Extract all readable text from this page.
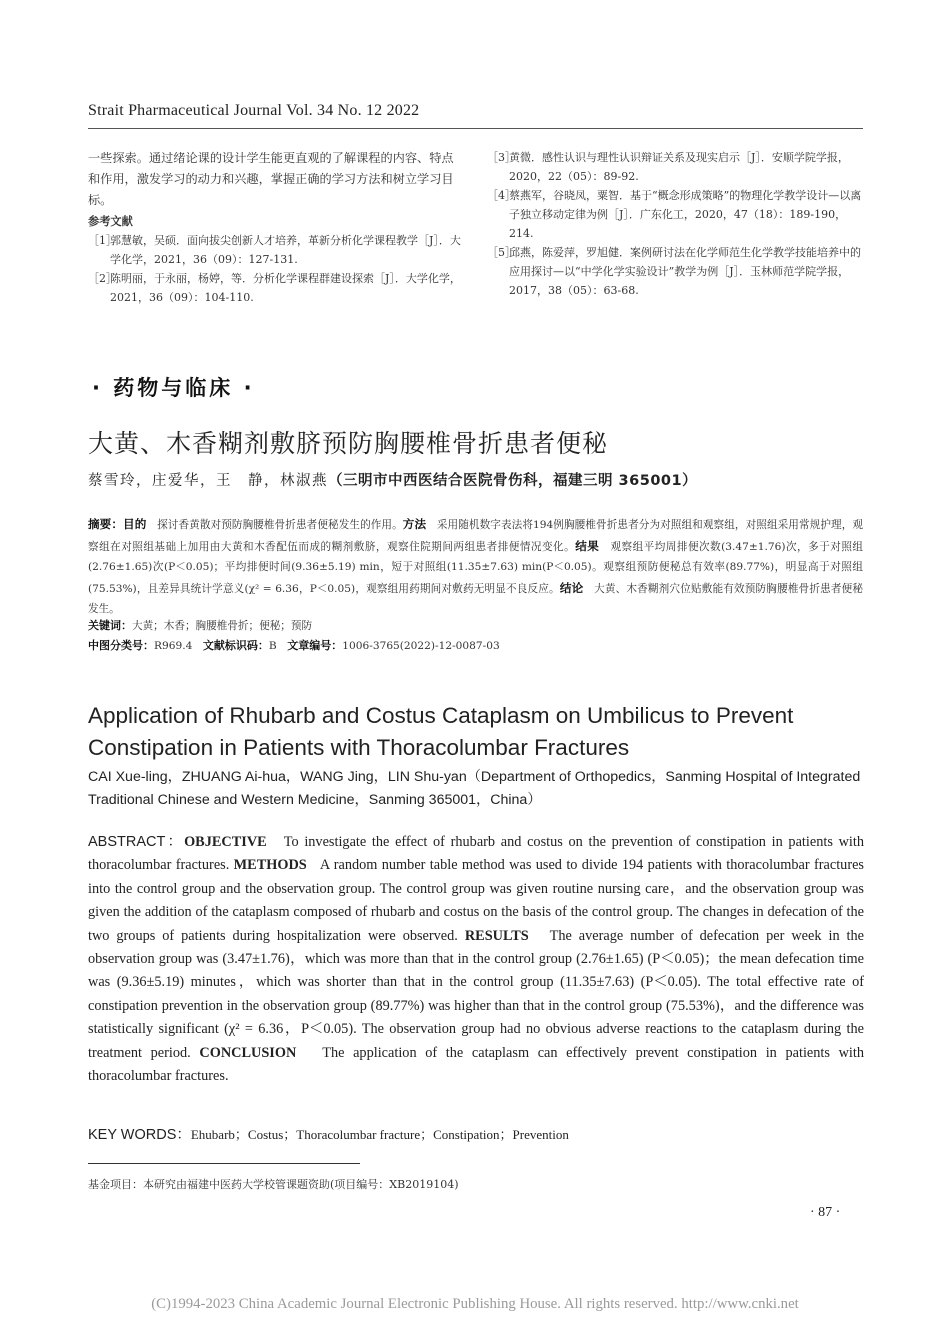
Strait Pharmaceutical Journal Vol. 34 No. 12 2022

一些探索。通过绪论课的设计学生能更直观的了解课程的内容、特点和作用，激发学习的动力和兴趣，掌握正确的学习方法和树立学习目标。

参考文献

［1］郭慧敏，吴硕．面向拔尖创新人才培养，革新分析化学课程教学［J］．大学化学，2021，36（09）：127-131.

［2］陈明丽，于永丽，杨婷，等．分析化学课程群建设探索［J］．大学化学，2021，36（09）：104-110.

［3］黄微．感性认识与理性认识辩证关系及现实启示［J］．安顺学院学报，2020，22（05）：89-92.

［4］蔡燕军，谷晓凤，粟智．基于“概念形成策略”的物理化学教学设计—以离子独立移动定律为例［J］．广东化工，2020，47（18）：189-190，214.

［5］邱燕，陈爱萍，罗旭健．案例研讨法在化学师范生化学教学技能培养中的应用探讨—以“中学化学实验设计”教学为例［J］．玉林师范学院学报，2017，38（05）：63-68.

· 药物与临床 ·
大黄、木香糊剂敷脐预防胸腰椎骨折患者便秘
蔡雪玲，庄爱华，王　静，林淑燕（三明市中西医结合医院骨伤科，福建三明 365001）
摘要：目的　 探讨香黄散对预防胸腰椎骨折患者便秘发生的作用。方法　 采用随机数字表法将194例胸腰椎骨折患者分为对照组和观察组，对照组采用常规护理，观察组在对照组基础上加用由大黄和木香配伍而成的糊剂敷脐，观察住院期间两组患者排便情况变化。结果　 观察组平均周排便次数(3.47±1.76)次，多于对照组(2.76±1.65)次(P＜0.05)；平均排便时间(9.36±5.19) min，短于对照组(11.35±7.63) min(P＜0.05)。观察组预防便秘总有效率(89.77%)，明显高于对照组(75.53%)，且差异具统计学意义(χ² = 6.36，P＜0.05)，观察组用药期间对敷药无明显不良反应。结论　 大黄、木香糊剂穴位贴敷能有效预防胸腰椎骨折患者便秘发生。
关键词：大黄；木香；胸腰椎骨折；便秘；预防
中图分类号：R969.4　 文献标识码：B　 文章编号：1006-3765(2022)-12-0087-03
Application of Rhubarb and Costus Cataplasm on Umbilicus to Prevent Constipation in Patients with Thoracolumbar Fractures
CAI Xue-ling，ZHUANG Ai-hua，WANG Jing，LIN Shu-yan（Department of Orthopedics，Sanming Hospital of Integrated Traditional Chinese and Western Medicine，Sanming 365001，China）
ABSTRACT：OBJECTIVE To investigate the effect of rhubarb and costus on the prevention of constipation in patients with thoracolumbar fractures. METHODS A random number table method was used to divide 194 patients with thoracolumbar fractures into the control group and the observation group. The control group was given routine nursing care，and the observation group was given the addition of the cataplasm composed of rhubarb and costus on the basis of the control group. The changes in defecation of the two groups of patients during hospitalization were observed. RESULTS The average number of defecation per week in the observation group was (3.47±1.76)，which was more than that in the control group (2.76±1.65) (P＜0.05)；the mean defecation time was (9.36±5.19) minutes，which was shorter than that in the control group (11.35±7.63) (P＜0.05). The total effective rate of constipation prevention in the observation group (89.77%) was higher than that in the control group (75.53%)，and the difference was statistically significant (χ² = 6.36，P＜0.05). The observation group had no obvious adverse reactions to the cataplasm during the treatment period. CONCLUSION The application of the cataplasm can effectively prevent constipation in patients with thoracolumbar fractures.
KEY WORDS：Ehubarb；Costus；Thoracolumbar fracture；Constipation；Prevention
基金项目：本研究由福建中医药大学校管课题资助(项目编号：XB2019104)
· 87 ·
(C)1994-2023 China Academic Journal Electronic Publishing House. All rights reserved. http://www.cnki.net
